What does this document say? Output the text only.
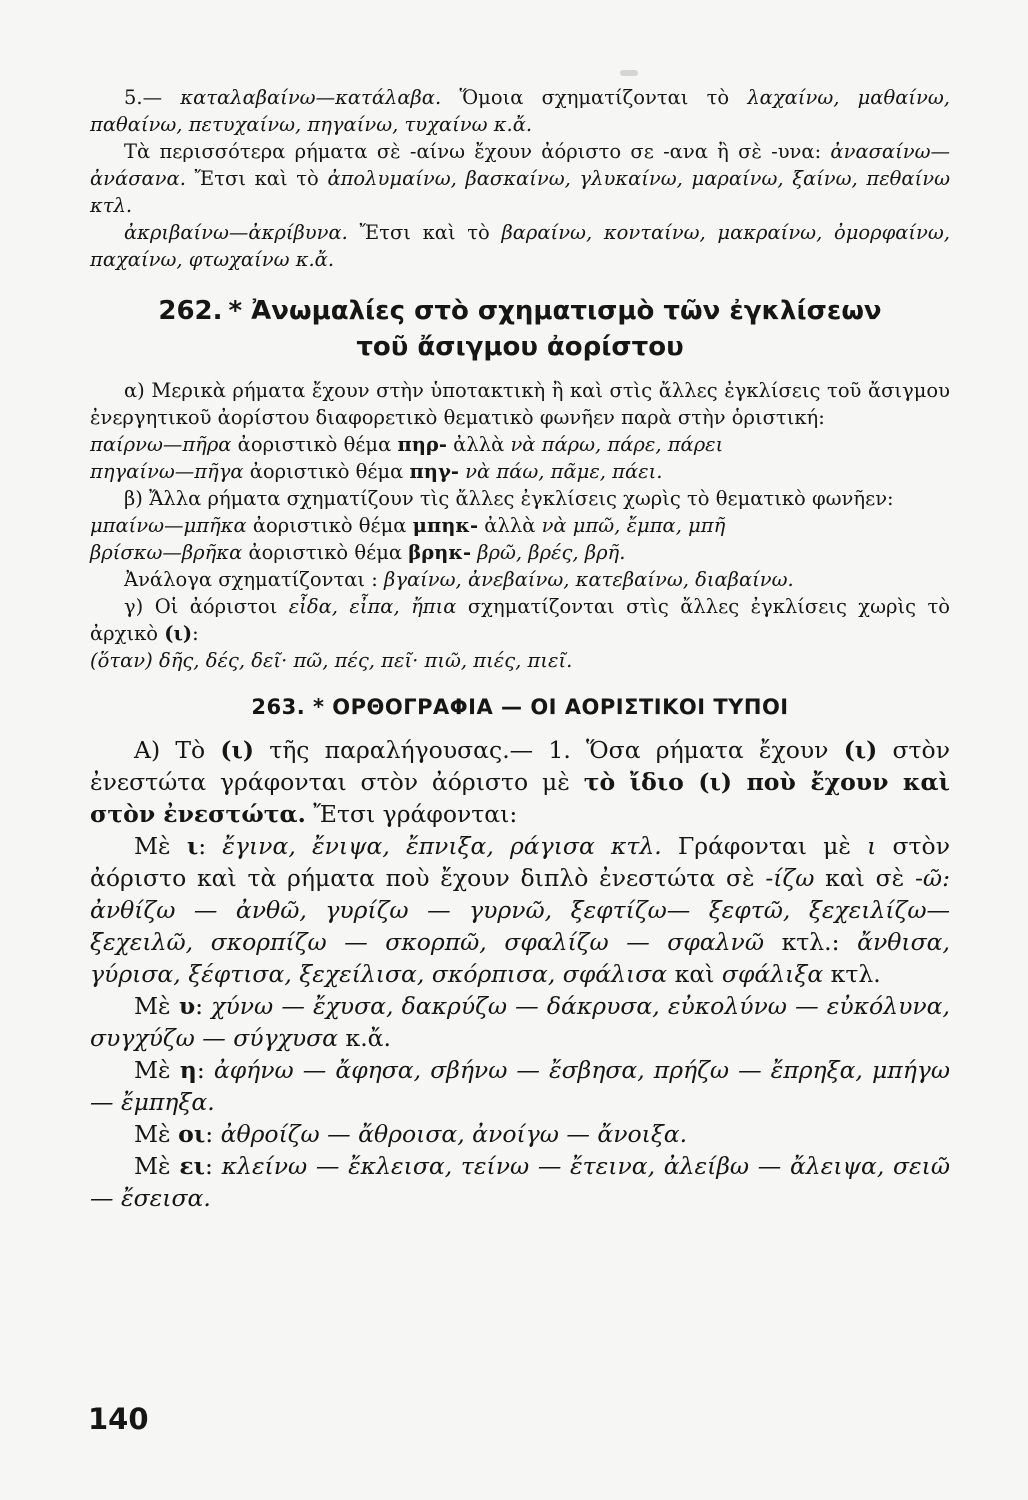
5.— καταλαβαίνω—κατάλαβα. Ὅμοια σχηματίζονται τὸ λαχαίνω, μαθαίνω, παθαίνω, πετυχαίνω, πηγαίνω, τυχαίνω κ.ἄ.

Τὰ περισσότερα ρήματα σὲ -αίνω ἔχουν ἀόριστο σε -ανα ἢ σὲ -υνα: ἀνασαίνω—ἀνάσανα. Ἔτσι καὶ τὸ ἀπολυμαίνω, βασκαίνω, γλυκαίνω, μαραίνω, ξαίνω, πεθαίνω κτλ.

ἀκριβαίνω—ἀκρίβυνα. Ἔτσι καὶ τὸ βαραίνω, κονταίνω, μακραίνω, ὀμορφαίνω, παχαίνω, φτωχαίνω κ.ἄ.

262. * Ἀνωμαλίες στὸ σχηματισμὸ τῶν ἐγκλίσεων
τοῦ ἄσιγμου ἀορίστου

α) Μερικὰ ρήματα ἔχουν στὴν ὑποτακτικὴ ἢ καὶ στὶς ἄλλες ἐγκλίσεις τοῦ ἄσιγμου ἐνεργητικοῦ ἀορίστου διαφορετικὸ θεματικὸ φωνῆεν παρὰ στὴν ὁριστική:

παίρνω—πῆρα ἀοριστικὸ θέμα πηρ- ἀλλὰ νὰ πάρω, πάρε, πάρει

πηγαίνω—πῆγα ἀοριστικὸ θέμα πηγ- νὰ πάω, πᾶμε, πάει.

β) Ἄλλα ρήματα σχηματίζουν τὶς ἄλλες ἐγκλίσεις χωρὶς τὸ θεματικὸ φωνῆεν:

μπαίνω—μπῆκα ἀοριστικὸ θέμα μπηκ- ἀλλὰ νὰ μπῶ, ἔμπα, μπῆ

βρίσκω—βρῆκα ἀοριστικὸ θέμα βρηκ- βρῶ, βρές, βρῆ.

Ἀνάλογα σχηματίζονται : βγαίνω, ἀνεβαίνω, κατεβαίνω, διαβαίνω.

γ) Οἱ ἀόριστοι εἶδα, εἶπα, ἤπια σχηματίζονται στὶς ἄλλες ἐγκλίσεις χωρὶς τὸ ἀρχικὸ (ι):

(ὅταν) δῆς, δές, δεῖ· πῶ, πές, πεῖ· πιῶ, πιές, πιεῖ.

263. * ΟΡΘΟΓΡΑΦΙΑ — ΟΙ ΑΟΡΙΣΤΙΚΟΙ ΤΥΠΟΙ

Α) Τὸ (ι) τῆς παραλήγουσας.— 1. Ὅσα ρήματα ἔχουν (ι) στὸν ἐνεστώτα γράφονται στὸν ἀόριστο μὲ τὸ ἴδιο (ι) ποὺ ἔχουν καὶ στὸν ἐνεστώτα. Ἔτσι γράφονται:

Μὲ ι: ἔγινα, ἔνιψα, ἔπνιξα, ράγισα κτλ. Γράφονται μὲ ι στὸν ἀόριστο καὶ τὰ ρήματα ποὺ ἔχουν διπλὸ ἐνεστώτα σὲ -ίζω καὶ σὲ -ῶ: ἀνθίζω — ἀνθῶ, γυρίζω — γυρνῶ, ξεφτίζω— ξεφτῶ, ξεχειλίζω—ξεχειλῶ, σκορπίζω — σκορπῶ, σφαλίζω — σφαλνῶ κτλ.: ἄνθισα, γύρισα, ξέφτισα, ξεχείλισα, σκόρπισα, σφάλισα καὶ σφάλιξα κτλ.

Μὲ υ: χύνω — ἔχυσα, δακρύζω — δάκρυσα, εὐκολύνω — εὐκόλυνα, συγχύζω — σύγχυσα κ.ἄ.

Μὲ η: ἀφήνω — ἄφησα, σβήνω — ἔσβησα, πρήζω — ἔπρηξα, μπήγω — ἔμπηξα.

Μὲ οι: ἀθροίζω — ἄθροισα, ἀνοίγω — ἄνοιξα.

Μὲ ει: κλείνω — ἔκλεισα, τείνω — ἔτεινα, ἀλείβω — ἄλειψα, σειῶ — ἔσεισα.

140
